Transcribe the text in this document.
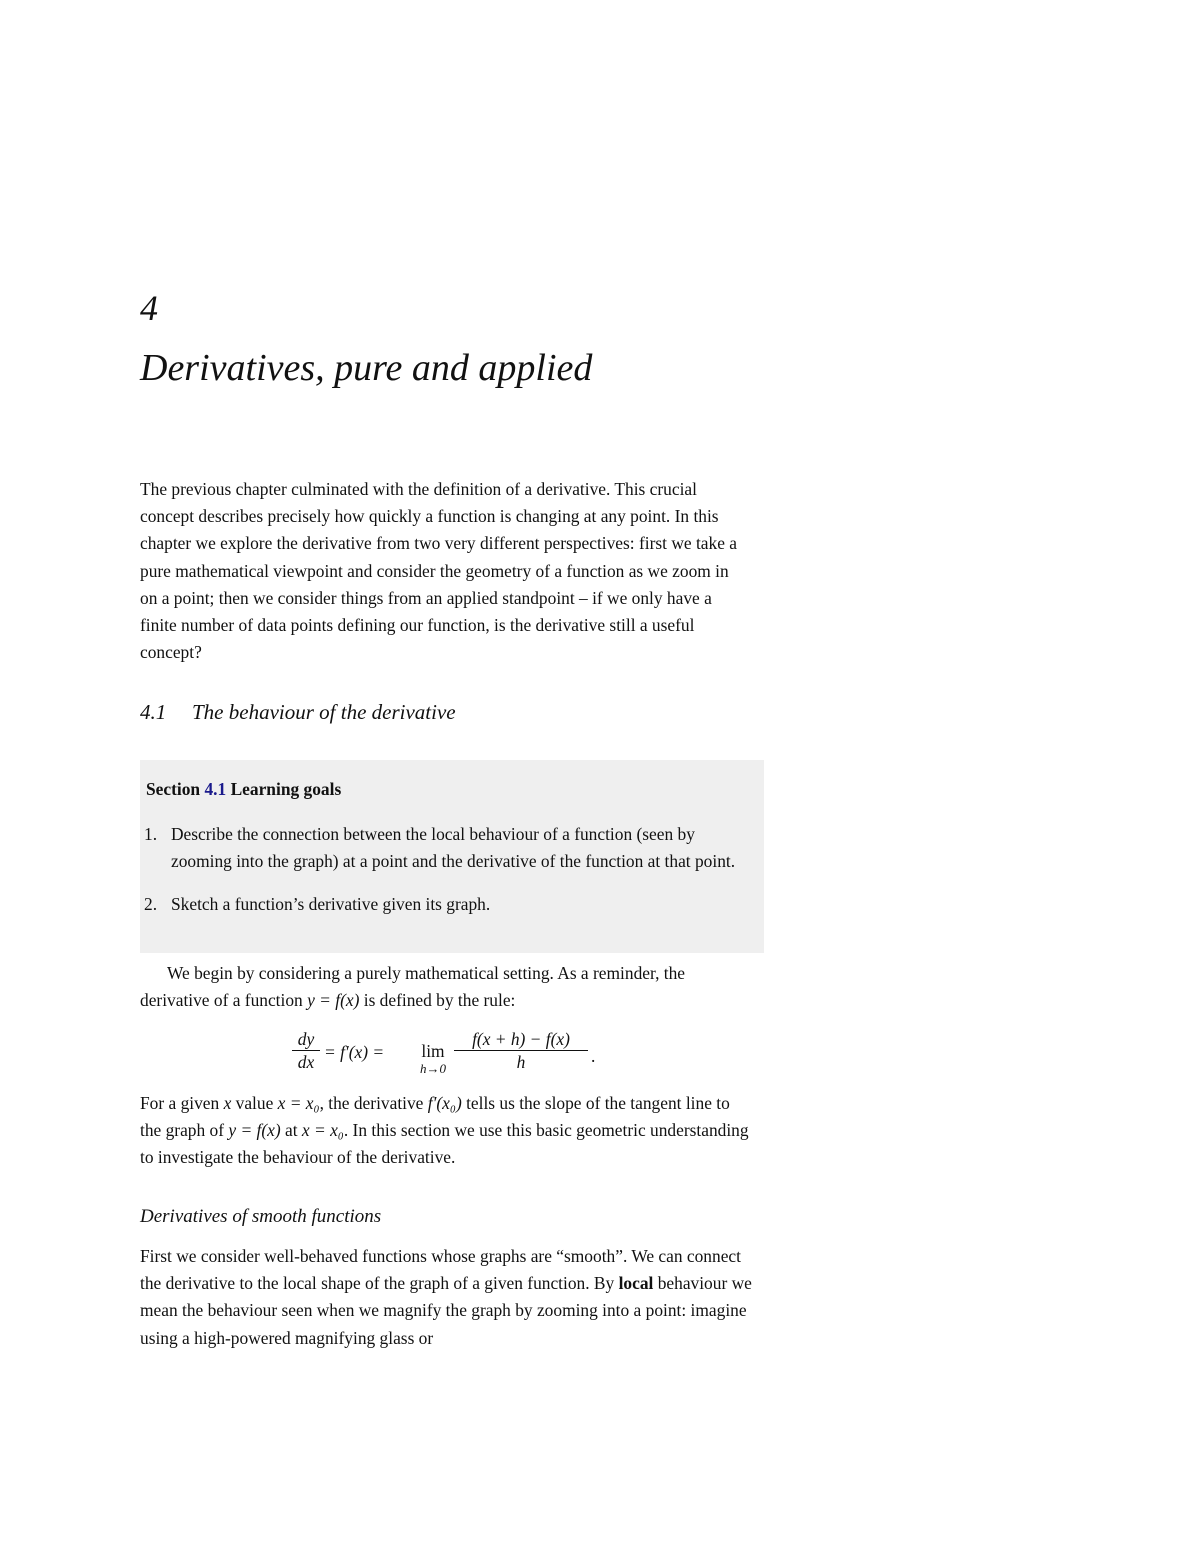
4
Derivatives, pure and applied

The previous chapter culminated with the definition of a derivative. This crucial concept describes precisely how quickly a function is changing at any point. In this chapter we explore the derivative from two very different perspectives: first we take a pure mathematical viewpoint and consider the geometry of a function as we zoom in on a point; then we consider things from an applied standpoint – if we only have a finite number of data points defining our function, is the derivative still a useful concept?

4.1 The behaviour of the derivative
Section 4.1 Learning goals
1. Describe the connection between the local behaviour of a function (seen by zooming into the graph) at a point and the derivative of the function at that point.
2. Sketch a function’s derivative given its graph.

We begin by considering a purely mathematical setting. As a reminder, the derivative of a function y = f(x) is defined by the rule:

$\frac{dy}{dx} = f'(x)$ =	lim
$h\to 0 \frac{f(x + h) - f(x)}{h}$ .

For a given x value x = x₀, the derivative f′(x₀) tells us the slope of the tangent line to the graph of y = f(x) at x = x₀. In this section we use this basic geometric understanding to investigate the behaviour of the derivative.

Derivatives of smooth functions

First we consider well-behaved functions whose graphs are “smooth”. We can connect the derivative to the local shape of the graph of a given function. By local behaviour we mean the behaviour seen when we magnify the graph by zooming into a point: imagine using a high-powered magnifying glass or
